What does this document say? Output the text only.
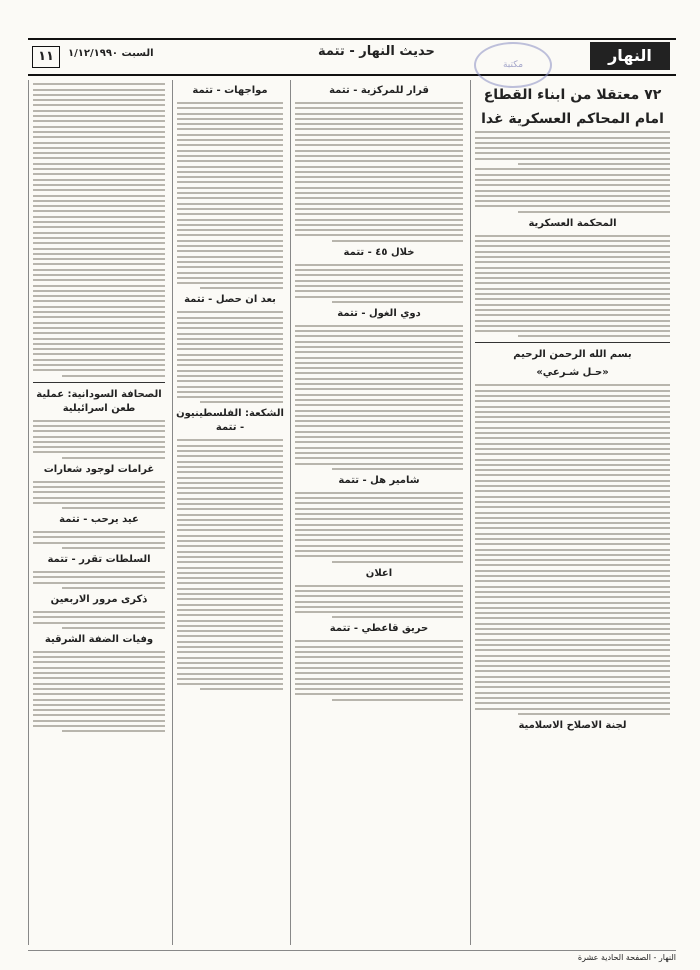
١١	السبت ١/١٢/١٩٩٠	حديث النهار - تتمة	النهار
مكتبة
٧٢ معتقلا من ابناء القطاع
امام المحاكم العسكرية غدا
المحكمة العسكرية
بسم الله الرحمن الرحيم
«حـل شـرعي»
لجنة الاصلاح الاسلامية
قرار للمركزية - تتمة
خلال ٤٥ - تتمة
دوي الغول - تتمة
شامير هل - تتمة
اعلان
حريق قاعطي - تتمة
مواجهات - تتمة
بعد ان حصل - تتمة
الشكعة: الفلسطينيون - تتمة
الصحافة السودانية: عملية طعن اسرائيلية
غرامات لوجود شعارات
عيد يرحب - تتمة
السلطات تقرر - تتمة
ذكرى مرور الاربعين
وفيات الضفة الشرقية
النهار - الصفحة الحادية عشرة
